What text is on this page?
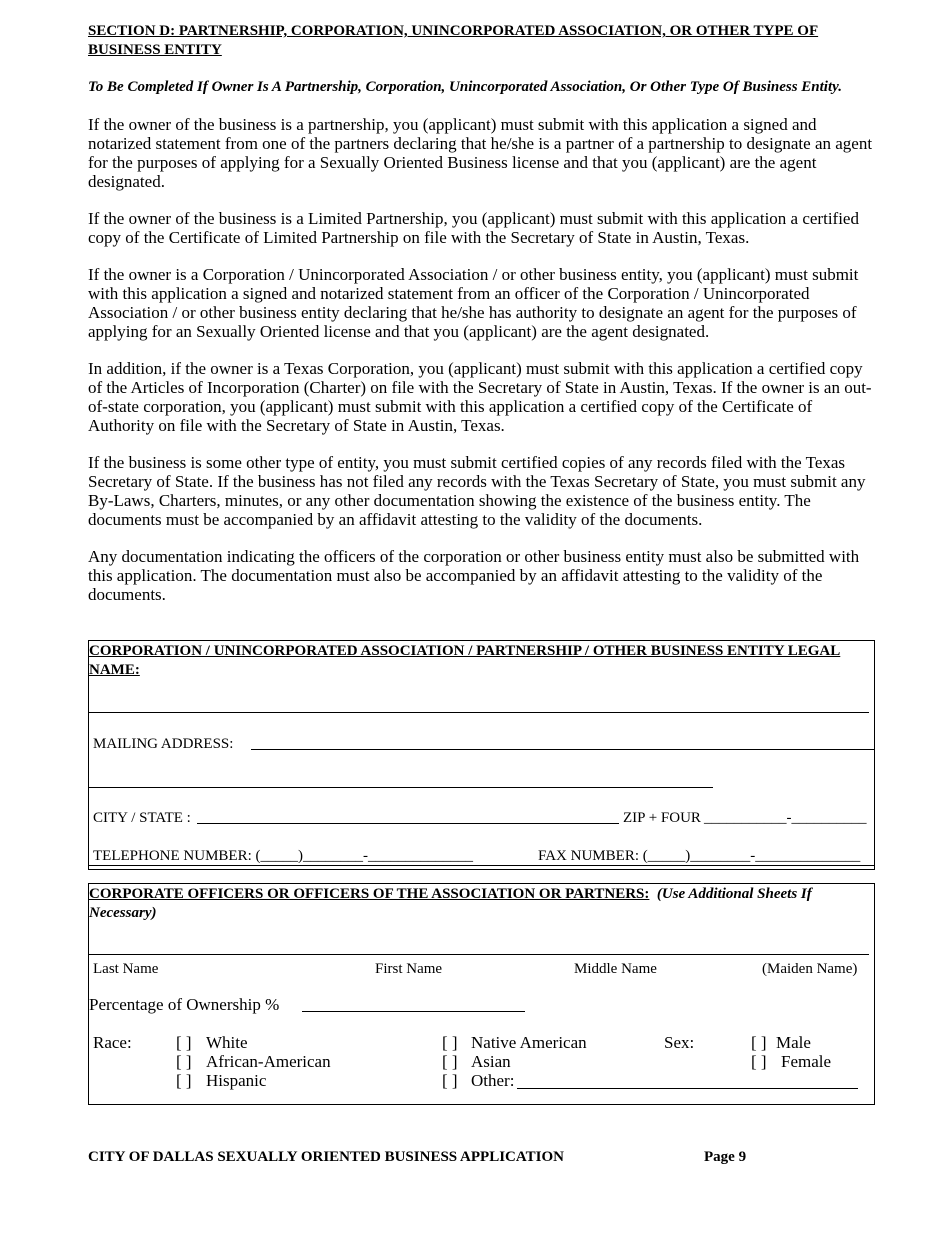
SECTION D: PARTNERSHIP, CORPORATION, UNINCORPORATED ASSOCIATION, OR OTHER TYPE OF BUSINESS ENTITY

To Be Completed If Owner Is A Partnership, Corporation, Unincorporated Association, Or Other Type Of Business Entity.

If the owner of the business is a partnership, you (applicant) must submit with this application a signed and notarized statement from one of the partners declaring that he/she is a partner of a partnership to designate an agent for the purposes of applying for a Sexually Oriented Business license and that you (applicant) are the agent designated.

If the owner of the business is a Limited Partnership, you (applicant) must submit with this application a certified copy of the Certificate of Limited Partnership on file with the Secretary of State in Austin, Texas.

If the owner is a Corporation / Unincorporated Association / or other business entity, you (applicant) must submit with this application a signed and notarized statement from an officer of the Corporation / Unincorporated Association / or other business entity declaring that he/she has authority to designate an agent for the purposes of applying for an Sexually Oriented license and that you (applicant) are the agent designated.

In addition, if the owner is a Texas Corporation, you (applicant) must submit with this application a certified copy of the Articles of Incorporation (Charter) on file with the Secretary of State in Austin, Texas. If the owner is an out-of-state corporation, you (applicant) must submit with this application a certified copy of the Certificate of Authority on file with the Secretary of State in Austin, Texas.

If the business is some other type of entity, you must submit certified copies of any records filed with the Texas Secretary of State. If the business has not filed any records with the Texas Secretary of State, you must submit any By-Laws, Charters, minutes, or any other documentation showing the existence of the business entity. The documents must be accompanied by an affidavit attesting to the validity of the documents.

Any documentation indicating the officers of the corporation or other business entity must also be submitted with this application. The documentation must also be accompanied by an affidavit attesting to the validity of the documents.

CORPORATION / UNINCORPORATED ASSOCIATION / PARTNERSHIP / OTHER BUSINESS ENTITY LEGAL NAME:
MAILING ADDRESS:
CITY / STATE :	ZIP + FOUR ___________-__________
TELEPHONE NUMBER: (_____)________-______________	FAX NUMBER: (_____)________-______________
CORPORATE OFFICERS OR OFFICERS OF THE ASSOCIATION OR PARTNERS: (Use Additional Sheets If Necessary)
Last Name	First Name	Middle Name	(Maiden Name)
Percentage of Ownership %
Race:	[ ] White
[ ] African-American
[ ] Hispanic
[ ] Native American
[ ] Asian
[ ] Other:
Sex:	[ ] Male
[ ] Female
CITY OF DALLAS SEXUALLY ORIENTED BUSINESS APPLICATION	Page 9
